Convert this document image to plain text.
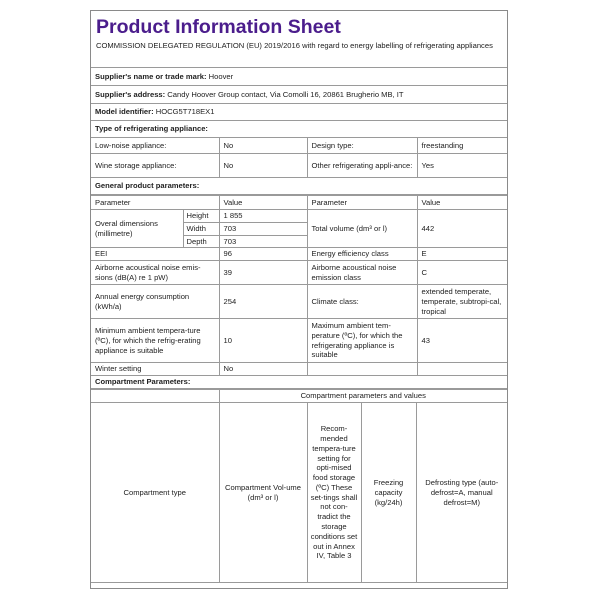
Product Information Sheet
COMMISSION DELEGATED REGULATION (EU) 2019/2016 with regard to energy labelling of refrigerating appliances
Supplier's name or trade mark: Hoover			
Supplier's address: Candy Hoover Group contact, Via Comolli 16, 20861 Brugherio MB, IT			
Model identifier: HOCG5T718EX1			
Type of refrigerating appliance:			
Low-noise appliance:	No	Design type:	freestanding
Wine storage appliance:	No	Other refrigerating appli-ance:	Yes
General product parameters:			
Parameter		Value	Parameter	Value
Overal dimensions (millimetre)	Height	1 855	Total volume (dm³ or l)	442
	Width	703		
	Depth	703		
EEI		96	Energy efficiency class	E
Airborne acoustical noise emis-sions (dB(A) re 1 pW)		39	Airborne acoustical noise emission class	C
Annual energy consumption (kWh/a)		254	Climate class:	extended temperate, temperate, subtropi-cal, tropical
Minimum ambient tempera-ture (ºC), for which the refrig-erating appliance is suitable		10	Maximum ambient tem-perature (ºC), for which the refrigerating appliance is suitable	43
Winter setting		No		
Compartment Parameters:				
	Compartment parameters and values			
Compartment type	Compartment Vol-ume (dm³ or l)	Recom-mended tempera-ture setting for opti-mised food storage (ºC) These set-tings shall not con-tradict the storage conditions set out in Annex IV, Table 3	Freezing capacity (kg/24h)	Defrosting type (auto-defrost=A, manual defrost=M)
